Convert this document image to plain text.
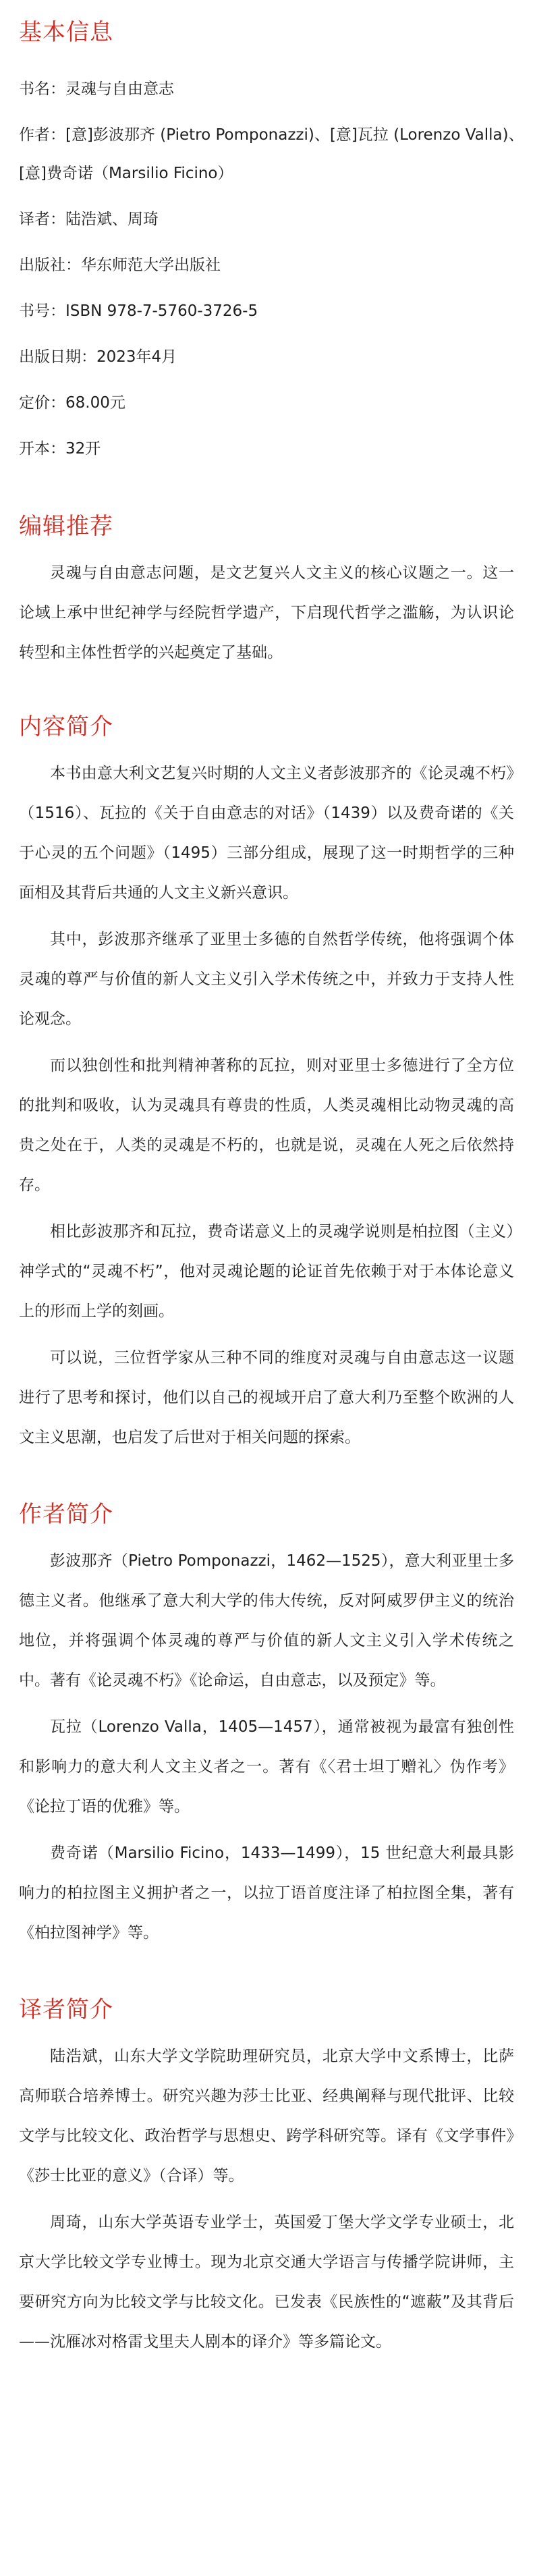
基本信息

书名：灵魂与自由意志

作者：[意]彭波那齐 (Pietro Pomponazzi)、[意]瓦拉 (Lorenzo Valla)、

[意]费奇诺（Marsilio Ficino）

译者：陆浩斌、周琦

出版社：华东师范大学出版社

书号：ISBN 978-7-5760-3726-5

出版日期：2023年4月

定价：68.00元

开本：32开

编辑推荐

灵魂与自由意志问题，是文艺复兴人文主义的核心议题之一。这一论域上承中世纪神学与经院哲学遗产，下启现代哲学之滥觞，为认识论转型和主体性哲学的兴起奠定了基础。

内容简介

本书由意大利文艺复兴时期的人文主义者彭波那齐的《论灵魂不朽》（1516）、瓦拉的《关于自由意志的对话》（1439）以及费奇诺的《关于心灵的五个问题》（1495）三部分组成，展现了这一时期哲学的三种面相及其背后共通的人文主义新兴意识。

其中，彭波那齐继承了亚里士多德的自然哲学传统，他将强调个体灵魂的尊严与价值的新人文主义引入学术传统之中，并致力于支持人性论观念。

而以独创性和批判精神著称的瓦拉，则对亚里士多德进行了全方位的批判和吸收，认为灵魂具有尊贵的性质，人类灵魂相比动物灵魂的高贵之处在于，人类的灵魂是不朽的，也就是说，灵魂在人死之后依然持存。

相比彭波那齐和瓦拉，费奇诺意义上的灵魂学说则是柏拉图（主义）神学式的“灵魂不朽”，他对灵魂论题的论证首先依赖于对于本体论意义上的形而上学的刻画。

可以说，三位哲学家从三种不同的维度对灵魂与自由意志这一议题进行了思考和探讨，他们以自己的视域开启了意大利乃至整个欧洲的人文主义思潮，也启发了后世对于相关问题的探索。

作者简介

彭波那齐（Pietro Pomponazzi，1462—1525），意大利亚里士多德主义者。他继承了意大利大学的伟大传统，反对阿威罗伊主义的统治地位，并将强调个体灵魂的尊严与价值的新人文主义引入学术传统之中。著有《论灵魂不朽》《论命运，自由意志，以及预定》等。

瓦拉（Lorenzo Valla，1405—1457），通常被视为最富有独创性和影响力的意大利人文主义者之一。著有《〈君士坦丁赠礼〉伪作考》《论拉丁语的优雅》等。

费奇诺（Marsilio Ficino，1433—1499），15 世纪意大利最具影响力的柏拉图主义拥护者之一，以拉丁语首度注译了柏拉图全集，著有《柏拉图神学》等。

译者简介

陆浩斌，山东大学文学院助理研究员，北京大学中文系博士，比萨高师联合培养博士。研究兴趣为莎士比亚、经典阐释与现代批评、比较文学与比较文化、政治哲学与思想史、跨学科研究等。译有《文学事件》《莎士比亚的意义》（合译）等。

周琦，山东大学英语专业学士，英国爱丁堡大学文学专业硕士，北京大学比较文学专业博士。现为北京交通大学语言与传播学院讲师，主要研究方向为比较文学与比较文化。已发表《民族性的“遮蔽”及其背后——沈雁冰对格雷戈里夫人剧本的译介》等多篇论文。
